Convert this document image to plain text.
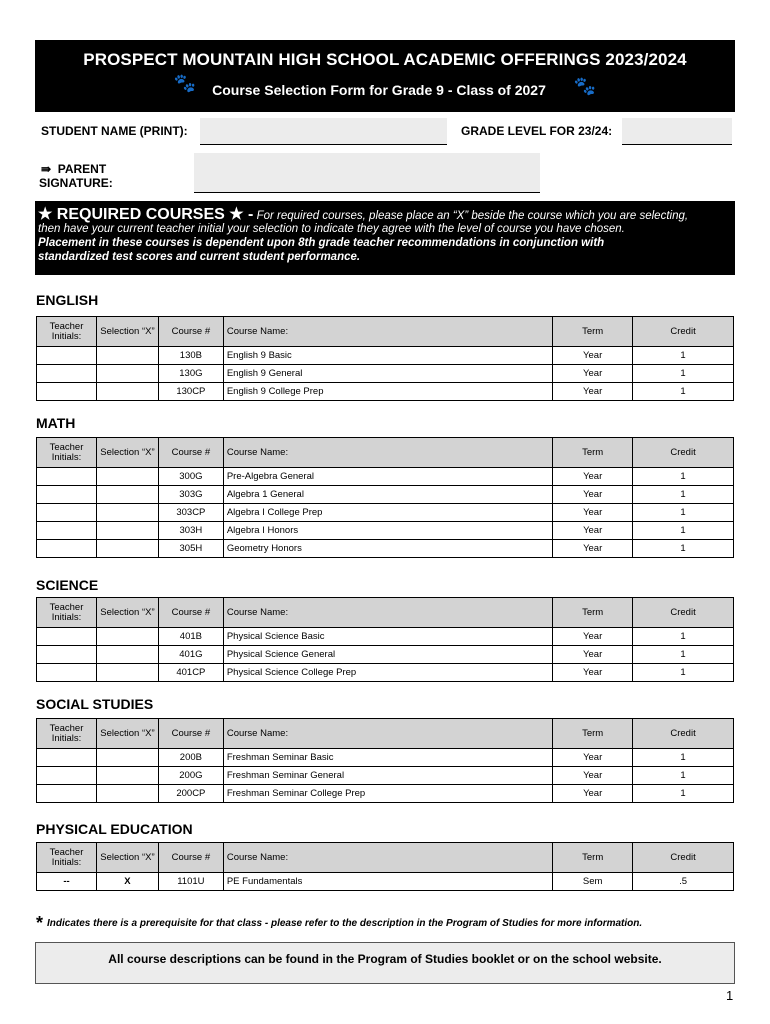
PROSPECT MOUNTAIN HIGH SCHOOL ACADEMIC OFFERINGS 2023/2024
🐾 Course Selection Form for Grade 9 - Class of 2027 🐾
STUDENT NAME (PRINT):	GRADE LEVEL FOR 23/24:
⇛ PARENT
SIGNATURE:
★ REQUIRED COURSES ★ - For required courses, please place an “X” beside the course which you are selecting,
then have your current teacher initial your selection to indicate they agree with the level of course you have chosen.
Placement in these courses is dependent upon 8th grade teacher recommendations in conjunction with
standardized test scores and current student performance.
ENGLISH
Teacher Initials:	Selection “X”	Course #	Course Name:	Term	Credit
		130B	English 9 Basic	Year	1
		130G	English 9 General	Year	1
		130CP	English 9 College Prep	Year	1
MATH
Teacher Initials:	Selection “X”	Course #	Course Name:	Term	Credit
		300G	Pre-Algebra General	Year	1
		303G	Algebra 1 General	Year	1
		303CP	Algebra I College Prep	Year	1
		303H	Algebra I Honors	Year	1
		305H	Geometry Honors	Year	1
SCIENCE
Teacher Initials:	Selection “X”	Course #	Course Name:	Term	Credit
		401B	Physical Science Basic	Year	1
		401G	Physical Science General	Year	1
		401CP	Physical Science College Prep	Year	1
SOCIAL STUDIES
Teacher Initials:	Selection “X”	Course #	Course Name:	Term	Credit
		200B	Freshman Seminar Basic	Year	1
		200G	Freshman Seminar General	Year	1
		200CP	Freshman Seminar College Prep	Year	1
PHYSICAL EDUCATION
Teacher Initials:	Selection “X”	Course #	Course Name:	Term	Credit
--	X	1101U	PE Fundamentals	Sem	.5
* Indicates there is a prerequisite for that class - please refer to the description in the Program of Studies for more information.
All course descriptions can be found in the Program of Studies booklet or on the school website.
1
